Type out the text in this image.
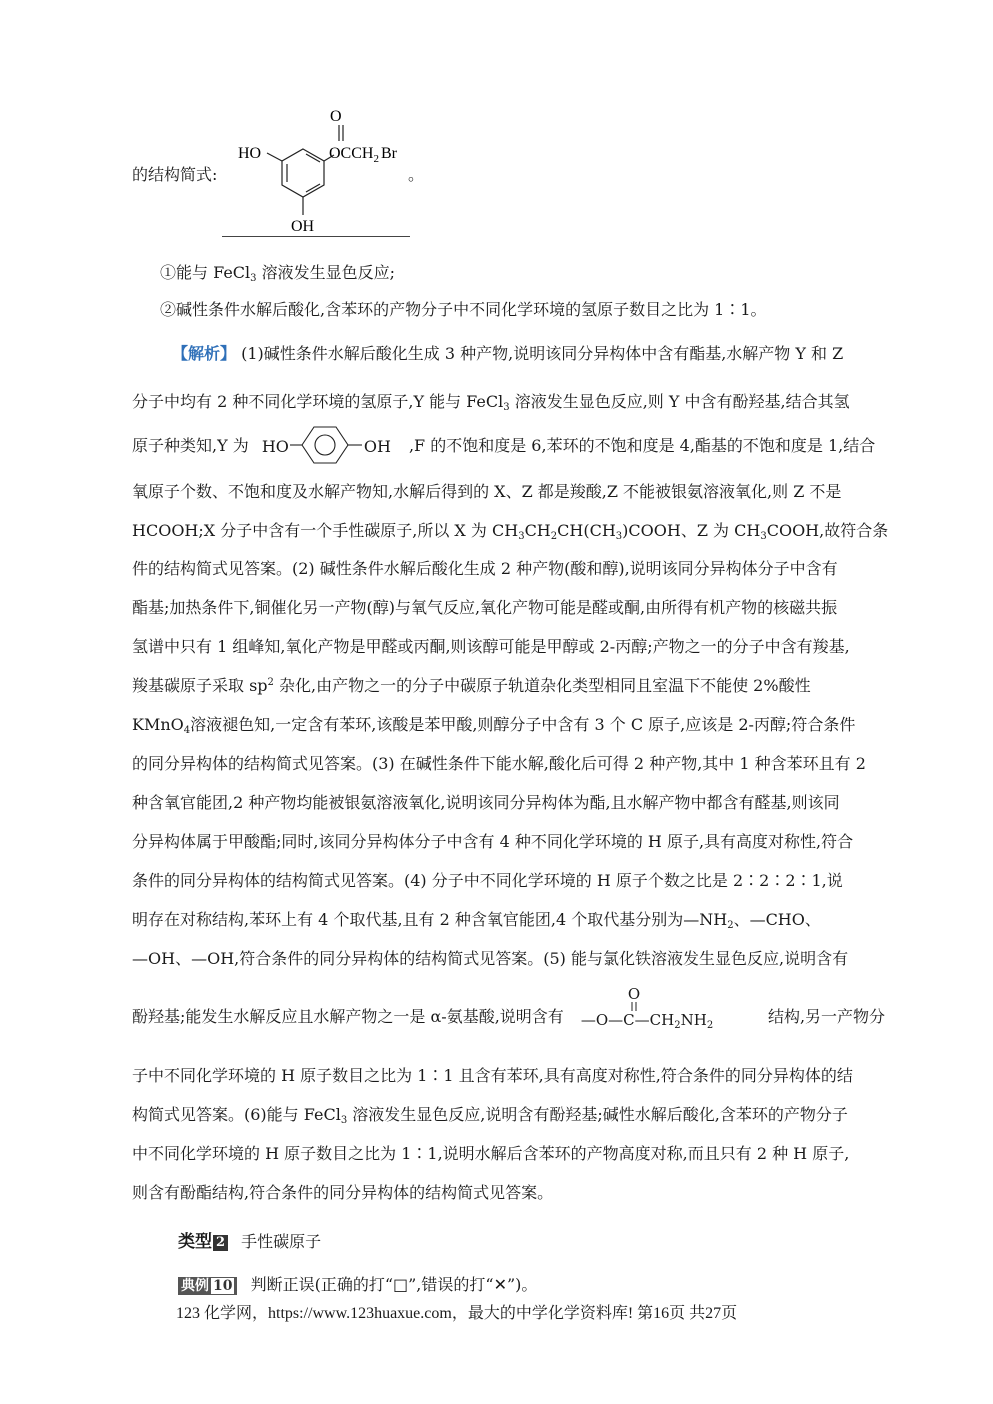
的结构简式:
HO
O
$OCCH_2$ Br
OH
。
①能与 FeCl$_3$ 溶液发生显色反应;
②碱性条件水解后酸化,含苯环的产物分子中不同化学环境的氢原子数目之比为 1∶1。
【解析】 (1)碱性条件水解后酸化生成 3 种产物,说明该同分异构体中含有酯基,水解产物 Y 和 Z
分子中均有 2 种不同化学环境的氢原子,Y 能与 FeCl$_3$ 溶液发生显色反应,则 Y 中含有酚羟基,结合其氢
原子种类知,Y 为 HO	OH ,F 的不饱和度是 6,苯环的不饱和度是 4,酯基的不饱和度是 1,结合
氧原子个数、不饱和度及水解产物知,水解后得到的 X、Z 都是羧酸,Z 不能被银氨溶液氧化,则 Z 不是
HCOOH;X 分子中含有一个手性碳原子,所以 X 为 $CH_3CH_2CH(CH_3)COOH$、Z 为 $CH_3COOH$,故符合条
件的结构简式见答案。(2) 碱性条件水解后酸化生成 2 种产物(酸和醇),说明该同分异构体分子中含有
酯基;加热条件下,铜催化另一产物(醇)与氧气反应,氧化产物可能是醛或酮,由所得有机产物的核磁共振
氢谱中只有 1 组峰知,氧化产物是甲醛或丙酮,则该醇可能是甲醇或 2-丙醇;产物之一的分子中含有羧基,
羧基碳原子采取 $sp^2$ 杂化,由产物之一的分子中碳原子轨道杂化类型相同且室温下不能使 2%酸性
KMnO$_4$溶液褪色知,一定含有苯环,该酸是苯甲酸,则醇分子中含有 3 个 C 原子,应该是 2-丙醇;符合条件
的同分异构体的结构简式见答案。(3) 在碱性条件下能水解,酸化后可得 2 种产物,其中 1 种含苯环且有 2
种含氧官能团,2 种产物均能被银氨溶液氧化,说明该同分异构体为酯,且水解产物中都含有醛基,则该同
分异构体属于甲酸酯;同时,该同分异构体分子中含有 4 种不同化学环境的 H 原子,具有高度对称性,符合
条件的同分异构体的结构简式见答案。(4) 分子中不同化学环境的 H 原子个数之比是 2∶2∶2∶1,说
明存在对称结构,苯环上有 4 个取代基,且有 2 种含氧官能团,4 个取代基分别为$—NH_2$、—CHO、
—OH、—OH,符合条件的同分异构体的结构简式见答案。(5) 能与氯化铁溶液发生显色反应,说明含有
酚羟基;能发生水解反应且水解产物之一是 α-氨基酸,说明含有
O
$—O—C—CH_2NH_2$	结构,另一产物分
子中不同化学环境的 H 原子数目之比为 1∶1 且含有苯环,具有高度对称性,符合条件的同分异构体的结
构简式见答案。(6)能与 FeCl$_3$ 溶液发生显色反应,说明含有酚羟基;碱性水解后酸化,含苯环的产物分子
中不同化学环境的 H 原子数目之比为 1∶1,说明水解后含苯环的产物高度对称,而且只有 2 种 H 原子,
则含有酚酯结构,符合条件的同分异构体的结构简式见答案。
类型 2 手性碳原子
典例 10 判断正误(正确的打“□”,错误的打“✕”)。
123 化学网，https://www.123huaxue.com，最大的中学化学资料库! 第16页 共27页
